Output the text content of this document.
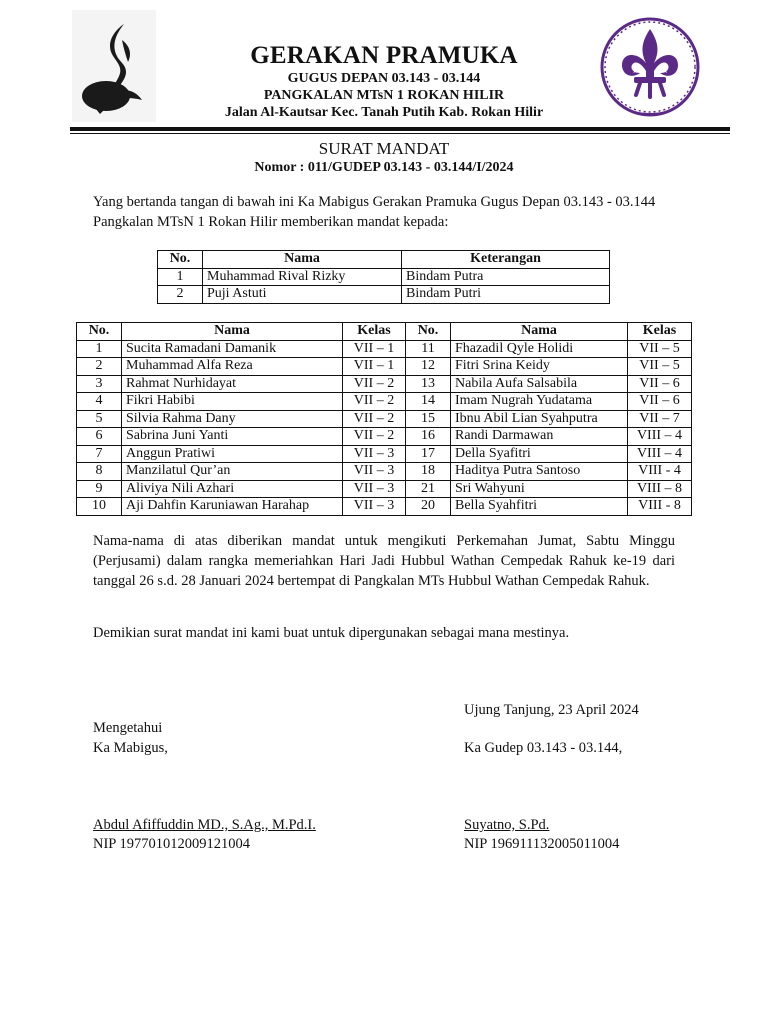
★	★
GERAKAN PRAMUKA
GUGUS DEPAN 03.143 - 03.144
PANGKALAN MTsN 1 ROKAN HILIR
Jalan Al-Kautsar Kec. Tanah Putih Kab. Rokan Hilir
SURAT MANDAT
Nomor : 011/GUDEP 03.143 - 03.144/I/2024
Yang bertanda tangan di bawah ini Ka Mabigus Gerakan Pramuka Gugus Depan 03.143 - 03.144 Pangkalan MTsN 1 Rokan Hilir memberikan mandat kepada:
No.	Nama	Keterangan
1	Muhammad Rival Rizky	Bindam Putra
2	Puji Astuti	Bindam Putri
No.	Nama	Kelas	No.	Nama	Kelas
1	Sucita Ramadani Damanik	VII – 1	11	Fhazadil Qyle Holidi	VII – 5
2	Muhammad Alfa Reza	VII – 1	12	Fitri Srina Keidy	VII – 5
3	Rahmat Nurhidayat	VII – 2	13	Nabila Aufa Salsabila	VII – 6
4	Fikri Habibi	VII – 2	14	Imam Nugrah Yudatama	VII – 6
5	Silvia Rahma Dany	VII – 2	15	Ibnu Abil Lian Syahputra	VII – 7
6	Sabrina Juni Yanti	VII – 2	16	Randi Darmawan	VIII – 4
7	Anggun Pratiwi	VII – 3	17	Della Syafitri	VIII – 4
8	Manzilatul Qur’an	VII – 3	18	Haditya Putra Santoso	VIII - 4
9	Aliviya Nili Azhari	VII – 3	21	Sri Wahyuni	VIII – 8
10	Aji Dahfin Karuniawan Harahap	VII – 3	20	Bella Syahfitri	VIII - 8
Nama-nama di atas diberikan mandat untuk mengikuti Perkemahan Jumat, Sabtu Minggu (Perjusami) dalam rangka memeriahkan Hari Jadi Hubbul Wathan Cempedak Rahuk ke-19 dari tanggal 26 s.d. 28 Januari 2024 bertempat di Pangkalan MTs Hubbul Wathan Cempedak Rahuk.
Demikian surat mandat ini kami buat untuk dipergunakan sebagai mana mestinya.
Ujung Tanjung, 23 April 2024
Mengetahui
Ka Mabigus,	Ka Gudep 03.143 - 03.144,
Abdul Afiffuddin MD., S.Ag., M.Pd.I.
NIP 197701012009121004
Suyatno, S.Pd.
NIP 196911132005011004
